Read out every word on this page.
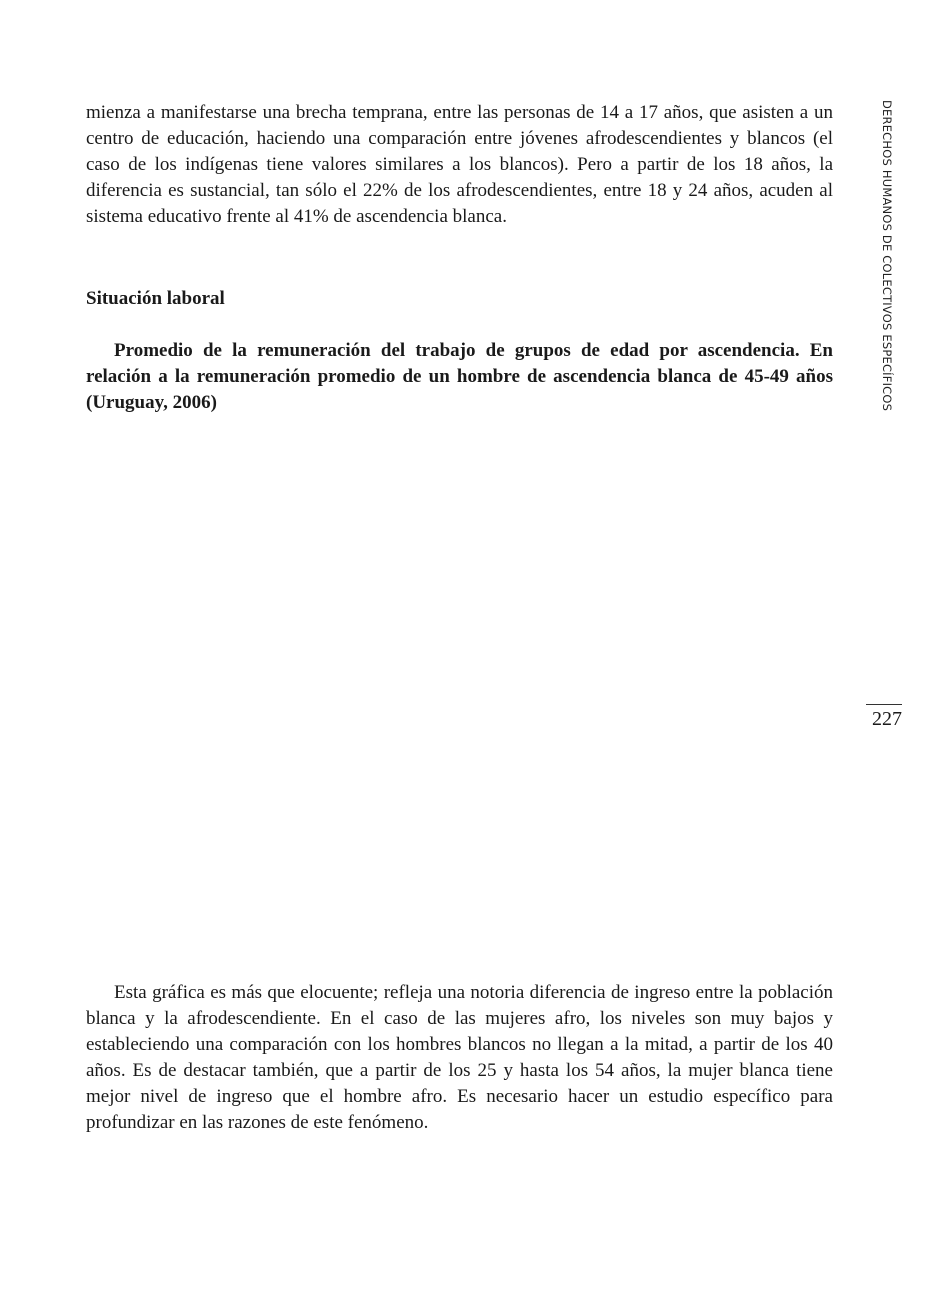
mienza a manifestarse una brecha temprana, entre las personas de 14 a 17 años, que asisten a un centro de educación, haciendo una comparación entre jóvenes afrodescendientes y blancos (el caso de los indígenas tiene valores similares a los blancos). Pero a partir de los 18 años, la diferencia es sustancial, tan sólo el 22% de los afrodescendientes, entre 18 y 24 años, acuden al sistema educativo frente al 41% de ascendencia blanca.

Situación laboral

Promedio de la remuneración del trabajo de grupos de edad por ascendencia. En relación a la remuneración promedio de un hombre de ascendencia blanca de 45-49 años (Uruguay, 2006)

Esta gráfica es más que elocuente; refleja una notoria diferencia de ingreso entre la población blanca y la afrodescendiente. En el caso de las mujeres afro, los niveles son muy bajos y estableciendo una comparación con los hombres blancos no llegan a la mitad, a partir de los 40 años. Es de destacar también, que a partir de los 25 y hasta los 54 años, la mujer blanca tiene mejor nivel de ingreso que el hombre afro. Es necesario hacer un estudio específico para profundizar en las razones de este fenómeno.

DERECHOS HUMANOS DE COLECTIVOS ESPECÍFICOS
227
